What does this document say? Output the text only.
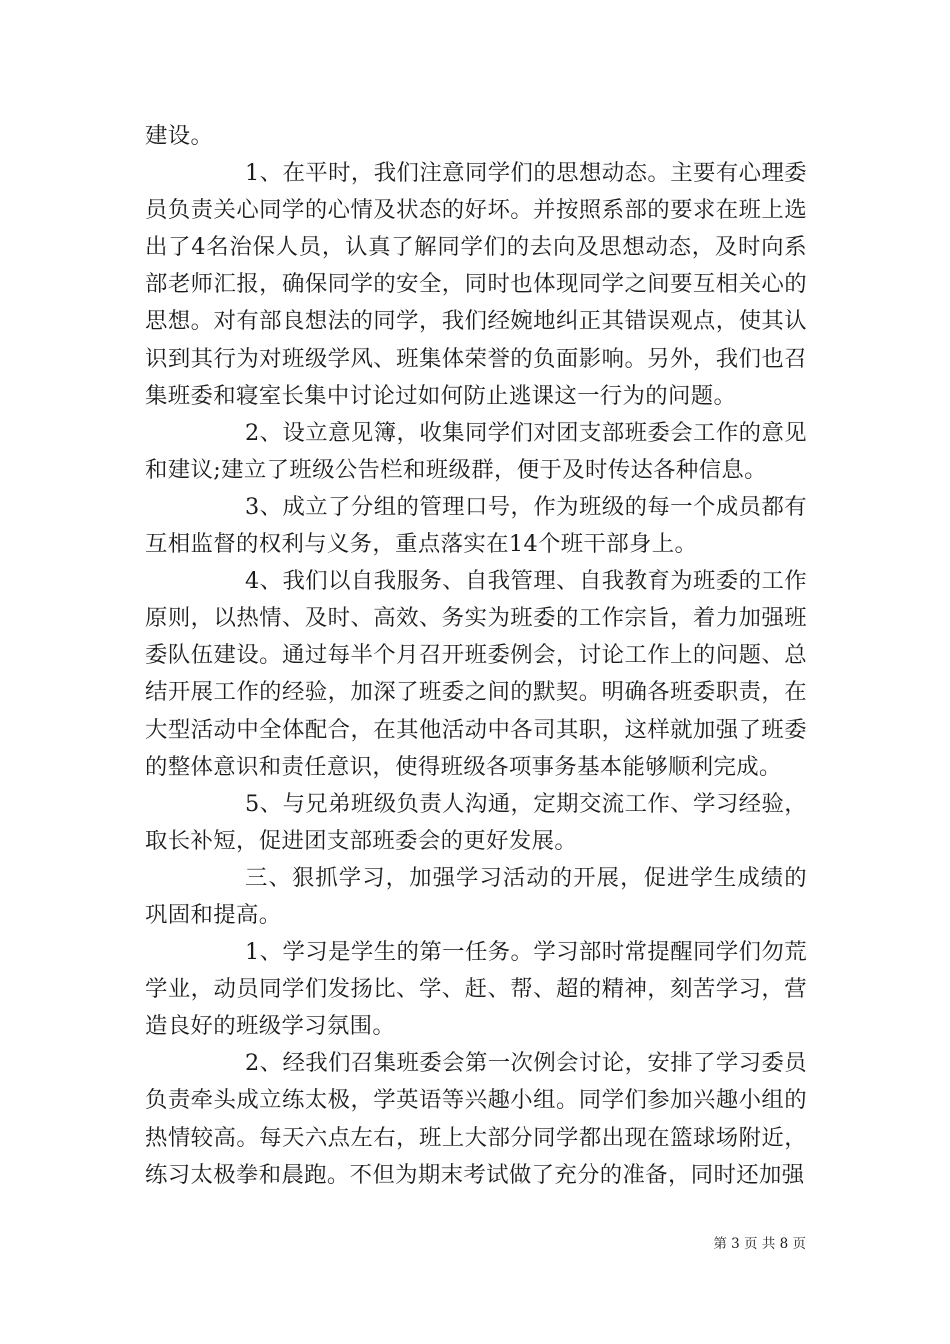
建设。

1、在平时，我们注意同学们的思想动态。主要有心理委员负责关心同学的心情及状态的好坏。并按照系部的要求在班上选出了4名治保人员，认真了解同学们的去向及思想动态，及时向系部老师汇报，确保同学的安全，同时也体现同学之间要互相关心的思想。对有部良想法的同学，我们经婉地纠正其错误观点，使其认识到其行为对班级学风、班集体荣誉的负面影响。另外，我们也召集班委和寝室长集中讨论过如何防止逃课这一行为的问题。

2、设立意见簿，收集同学们对团支部班委会工作的意见和建议;建立了班级公告栏和班级群，便于及时传达各种信息。

3、成立了分组的管理口号，作为班级的每一个成员都有互相监督的权利与义务，重点落实在14个班干部身上。

4、我们以自我服务、自我管理、自我教育为班委的工作原则，以热情、及时、高效、务实为班委的工作宗旨，着力加强班委队伍建设。通过每半个月召开班委例会，讨论工作上的问题、总结开展工作的经验，加深了班委之间的默契。明确各班委职责，在大型活动中全体配合，在其他活动中各司其职，这样就加强了班委的整体意识和责任意识，使得班级各项事务基本能够顺利完成。

5、与兄弟班级负责人沟通，定期交流工作、学习经验，取长补短，促进团支部班委会的更好发展。

三、狠抓学习，加强学习活动的开展，促进学生成绩的巩固和提高。

1、学习是学生的第一任务。学习部时常提醒同学们勿荒学业，动员同学们发扬比、学、赶、帮、超的精神，刻苦学习，营造良好的班级学习氛围。

2、经我们召集班委会第一次例会讨论，安排了学习委员负责牵头成立练太极，学英语等兴趣小组。同学们参加兴趣小组的热情较高。每天六点左右，班上大部分同学都出现在篮球场附近，练习太极拳和晨跑。不但为期末考试做了充分的准备，同时还加强

第 3 页 共 8 页
